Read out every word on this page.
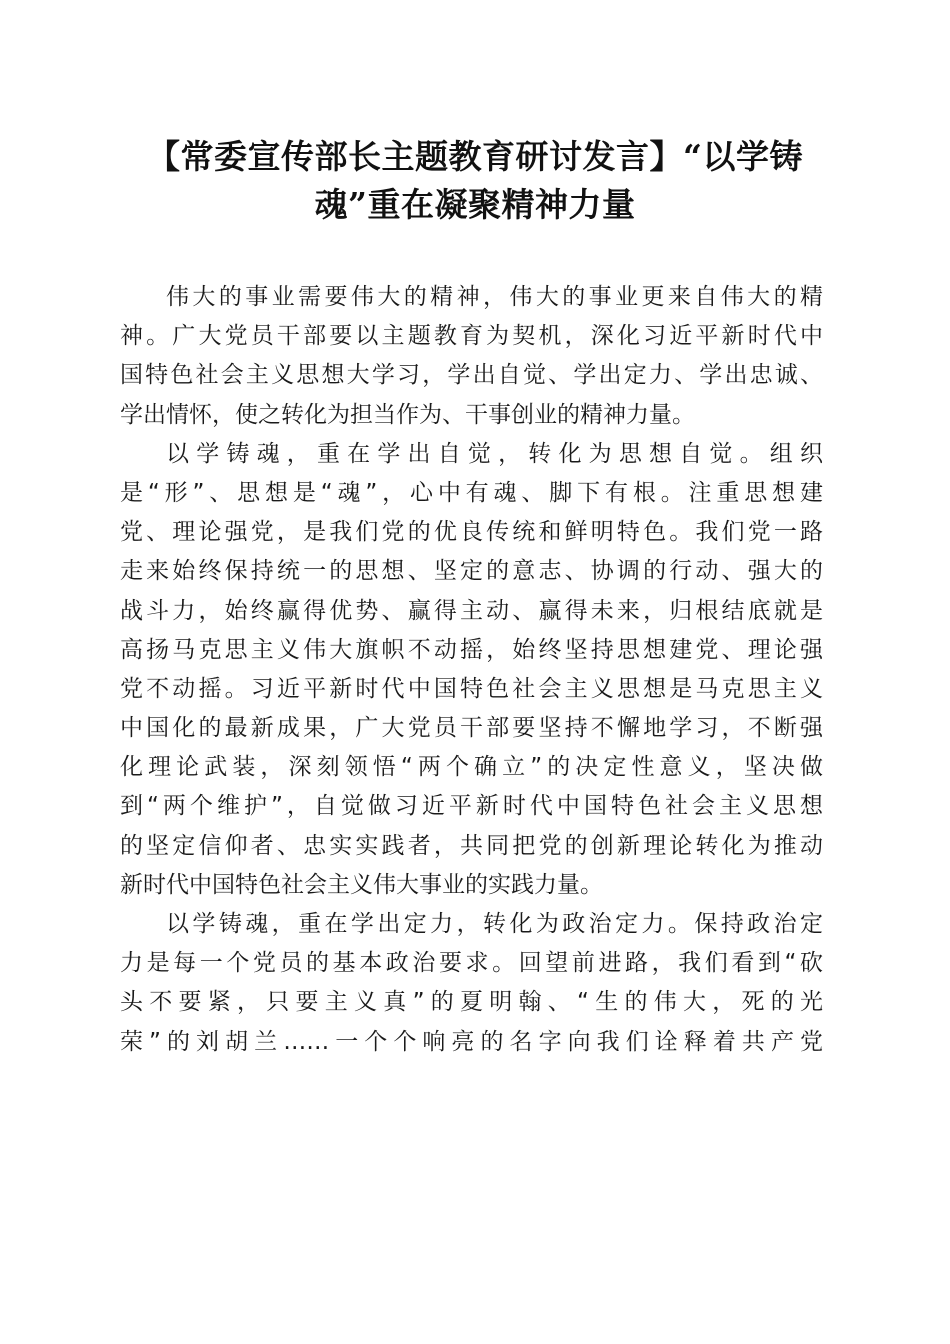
【常委宣传部长主题教育研讨发言】“以学铸
魂”重在凝聚精神力量
伟大的事业需要伟大的精神，伟大的事业更来自伟大的精
神。广大党员干部要以主题教育为契机，深化习近平新时代中
国特色社会主义思想大学习，学出自觉、学出定力、学出忠诚、
学出情怀，使之转化为担当作为、干事创业的精神力量。
以学铸魂，重在学出自觉，转化为思想自觉。组织
是“形”、思想是“魂”，心中有魂、脚下有根。注重思想建
党、理论强党，是我们党的优良传统和鲜明特色。我们党一路
走来始终保持统一的思想、坚定的意志、协调的行动、强大的
战斗力，始终赢得优势、赢得主动、赢得未来，归根结底就是
高扬马克思主义伟大旗帜不动摇，始终坚持思想建党、理论强
党不动摇。习近平新时代中国特色社会主义思想是马克思主义
中国化的最新成果，广大党员干部要坚持不懈地学习，不断强
化理论武装，深刻领悟“两个确立”的决定性意义，坚决做
到“两个维护”，自觉做习近平新时代中国特色社会主义思想
的坚定信仰者、忠实实践者，共同把党的创新理论转化为推动
新时代中国特色社会主义伟大事业的实践力量。
以学铸魂，重在学出定力，转化为政治定力。保持政治定
力是每一个党员的基本政治要求。回望前进路，我们看到“砍
头不要紧，只要主义真”的夏明翰、“生的伟大，死的光
荣”的刘胡兰……一个个响亮的名字向我们诠释着共产党
